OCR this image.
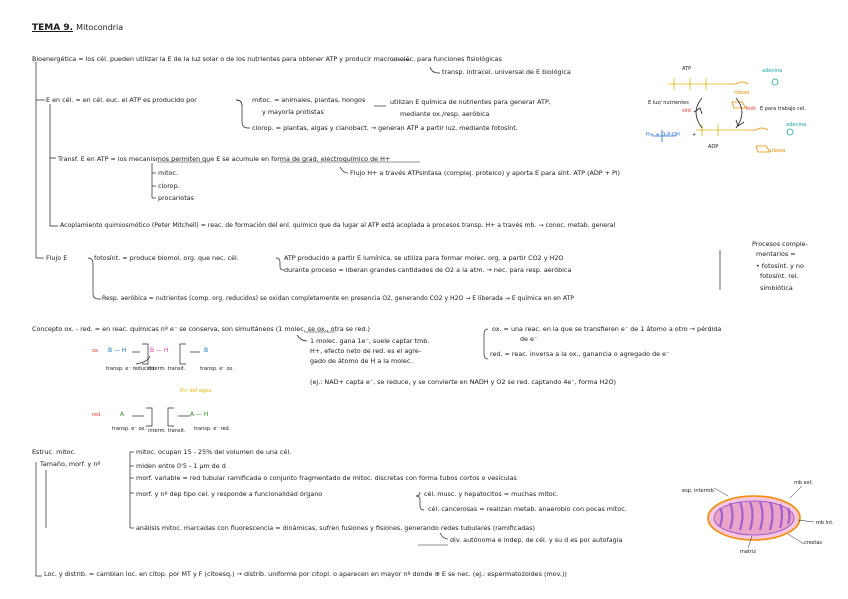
TEMA 9. Mitocondria
Bioenergética = los cél. pueden utilizar la E de la luz solar o de los nutrientes para obtener ATP y producir macromoléc. para funciones fisiológicas
transp. intracel. universal de E biológica
E en cél. = en cél. euc. el ATP es producido por	mitoc. = animales, plantas, hongos
y mayoría protistas
utilizan E química de nutrientes para generar ATP,
mediante ox./resp. aeróbica
clorop. = plantas, algas y cianobact. → generan ATP a partir luz, mediante fotosínt.
Transf. E en ATP = los mecanismos permiten que E se acumule en forma de grad. electroquímico de H+
mitoc.
clorop.
procariotas
Flujo H+ a través ATPsintasa (complej. proteico) y aporta E para sínt. ATP (ADP + Pi)
Acoplamiento quimiosmótico (Peter Mitchell) = reac. de formación del enl. químico que da lugar al ATP está acoplada a procesos transp. H+ a través mb. → conoc. metab. general
adenina
ribosa
E luz/ nutrientes
sínt.	hidr. E para trabajo cel.
H+ + O-P-OH +
adenina
ribosa
ATP
ADP
Flujo E	fotosínt. = produce biomol. org. que nec. cél.	ATP producido a partir E lumínica, se utiliza para formar molec. org. a partir CO2 y H2O
durante proceso = liberan grandes cantidades de O2 a la atm. → nec. para resp. aeróbica
Resp. aeróbica = nutrientes (comp. org. reducidos) se oxidan completamente en presencia O2, generando CO2 y H2O → E liberada → E química en en ATP
Procesos comple-
mentarios =
• fotosínt. y no
fotosínt. rel.
simbiótica
Concepto ox. - red. = en reac. químicas nº e⁻ se conserva, son simultáneos (1 molec. se ox., otra se red.)	ox. = una reac. en la que se transfieren e⁻ de 1 átomo a otro → pérdida
de e⁻
1 molec. gana 1e⁻, suele captar tmb.
H+, efecto neto de red. es el agre-
gado de átomo de H a la molec.
red. = reac. inversa a la ox., ganancia o agregado de e⁻
(ej.: NAD+ capta e⁻, se reduce, y se convierte en NADH y O2 se red. captando 4e⁻, forma H2O)
ox. B — H	B — H	B
transp. e⁻ reducido
interm. transit.	transp. e⁻ ox.
H+ del agua
red.	A	A — H
transp. e⁻ ox. interm. transit. transp. e⁻ red.
Estruc. mitoc.
Tamaño, morf. y nº
mitoc. ocupan 15 - 25% del volumen de una cél.
miden entre 0'5 - 1 µm de d
morf. variable = red tubular ramificada o conjunto fragmentado de mitoc. discretas con forma tubos cortos o vesículas
morf. y nº dep tipo cel. y responde a funcionalidad órgano	cél. musc. y hepatocitos = muchas mitoc.
cél. cancerosas = realizan metab. anaerobio con pocas mitoc.
análisis mitoc. marcadas con fluorescencia = dinámicas, sufren fusiones y fisiones, generando redes tubulares (ramificadas)
div. autónoma e indep. de cél. y su d es por autofagia
Loc. y distrib. = cambian loc. en citop. por MT y F (citoesq.) → distrib. uniforme por citopl. o aparecen en mayor nº donde ⊕ E se nec. (ej.: espermatozoides (mov.))
esp. intermb.
mb ext.
mb int.
crestas
matriz
